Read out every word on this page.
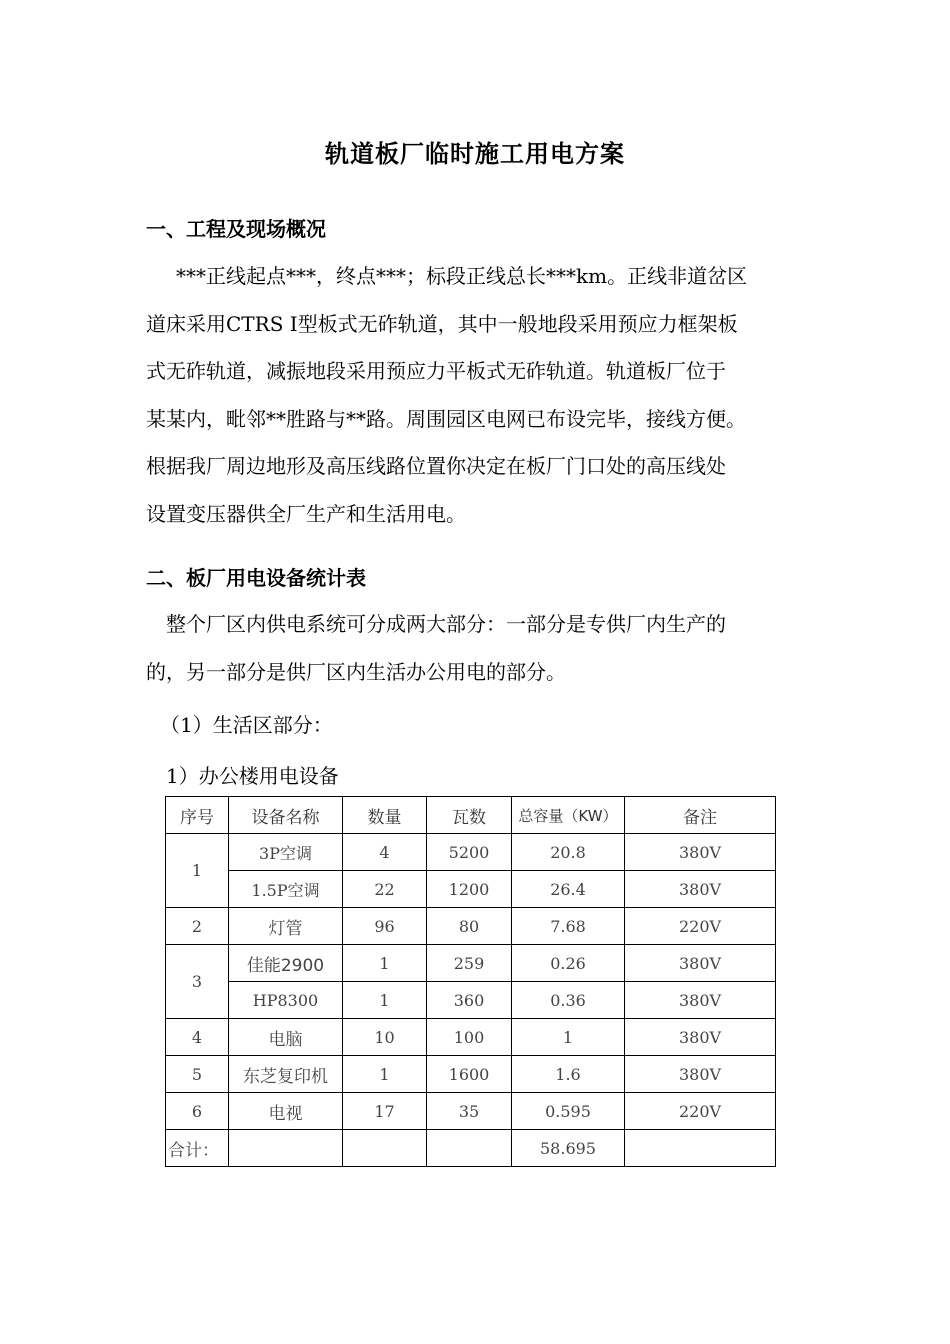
轨道板厂临时施工用电方案
一、工程及现场概况
***正线起点***，终点***；标段正线总长***km。正线非道岔区
道床采用CTRS Ⅰ型板式无砟轨道，其中一般地段采用预应力框架板
式无砟轨道，减振地段采用预应力平板式无砟轨道。轨道板厂位于
某某内，毗邻**胜路与**路。周围园区电网已布设完毕，接线方便。
根据我厂周边地形及高压线路位置你决定在板厂门口处的高压线处
设置变压器供全厂生产和生活用电。
二、板厂用电设备统计表
整个厂区内供电系统可分成两大部分：一部分是专供厂内生产的
的，另一部分是供厂区内生活办公用电的部分。
（1）生活区部分：
1）办公楼用电设备
序号	设备名称	数量	瓦数	总容量（KW）	备注
1	3P空调	4	5200	20.8	380V
	1.5P空调	22	1200	26.4	380V
2	灯管	96	80	7.68	220V
3	佳能2900	1	259	0.26	380V
	HP8300	1	360	0.36	380V
4	电脑	10	100	1	380V
5	东芝复印机	1	1600	1.6	380V
6	电视	17	35	0.595	220V
合计：				58.695	
